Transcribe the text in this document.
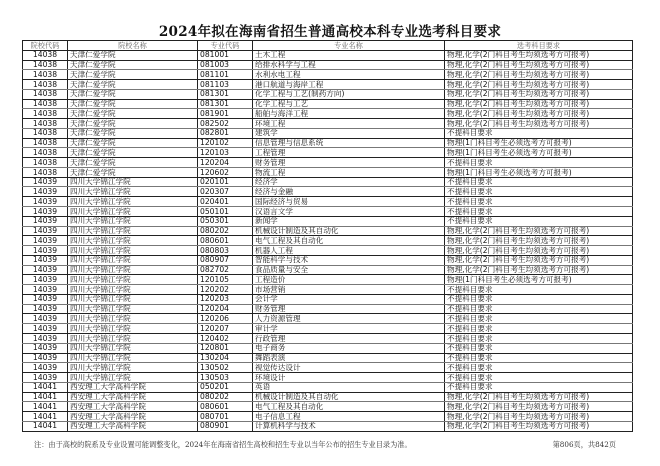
2024年拟在海南省招生普通高校本科专业选考科目要求
院校代码	院校名称	专业代码	专业名称	选考科目要求
14038	天津仁爱学院	081001	土木工程	物理,化学(2门科目考生均须选考方可报考)
14038	天津仁爱学院	081003	给排水科学与工程	物理,化学(2门科目考生均须选考方可报考)
14038	天津仁爱学院	081101	水利水电工程	物理,化学(2门科目考生均须选考方可报考)
14038	天津仁爱学院	081103	港口航道与海岸工程	物理,化学(2门科目考生均须选考方可报考)
14038	天津仁爱学院	081301	化学工程与工艺(制药方向)	物理,化学(2门科目考生均须选考方可报考)
14038	天津仁爱学院	081301	化学工程与工艺	物理,化学(2门科目考生均须选考方可报考)
14038	天津仁爱学院	081901	船舶与海洋工程	物理,化学(2门科目考生均须选考方可报考)
14038	天津仁爱学院	082502	环境工程	物理,化学(2门科目考生均须选考方可报考)
14038	天津仁爱学院	082801	建筑学	不提科目要求
14038	天津仁爱学院	120102	信息管理与信息系统	物理(1门科目考生必须选考方可报考)
14038	天津仁爱学院	120103	工程管理	物理(1门科目考生必须选考方可报考)
14038	天津仁爱学院	120204	财务管理	不提科目要求
14038	天津仁爱学院	120602	物流工程	物理(1门科目考生必须选考方可报考)
14039	四川大学锦江学院	020101	经济学	不提科目要求
14039	四川大学锦江学院	020307	经济与金融	不提科目要求
14039	四川大学锦江学院	020401	国际经济与贸易	不提科目要求
14039	四川大学锦江学院	050101	汉语言文学	不提科目要求
14039	四川大学锦江学院	050301	新闻学	不提科目要求
14039	四川大学锦江学院	080202	机械设计制造及其自动化	物理,化学(2门科目考生均须选考方可报考)
14039	四川大学锦江学院	080601	电气工程及其自动化	物理,化学(2门科目考生均须选考方可报考)
14039	四川大学锦江学院	080803	机器人工程	物理,化学(2门科目考生均须选考方可报考)
14039	四川大学锦江学院	080907	智能科学与技术	物理,化学(2门科目考生均须选考方可报考)
14039	四川大学锦江学院	082702	食品质量与安全	物理,化学(2门科目考生均须选考方可报考)
14039	四川大学锦江学院	120105	工程造价	物理(1门科目考生必须选考方可报考)
14039	四川大学锦江学院	120202	市场营销	不提科目要求
14039	四川大学锦江学院	120203	会计学	不提科目要求
14039	四川大学锦江学院	120204	财务管理	不提科目要求
14039	四川大学锦江学院	120206	人力资源管理	不提科目要求
14039	四川大学锦江学院	120207	审计学	不提科目要求
14039	四川大学锦江学院	120402	行政管理	不提科目要求
14039	四川大学锦江学院	120801	电子商务	不提科目要求
14039	四川大学锦江学院	130204	舞蹈表演	不提科目要求
14039	四川大学锦江学院	130502	视觉传达设计	不提科目要求
14039	四川大学锦江学院	130503	环境设计	不提科目要求
14041	西安理工大学高科学院	050201	英语	不提科目要求
14041	西安理工大学高科学院	080202	机械设计制造及其自动化	物理,化学(2门科目考生均须选考方可报考)
14041	西安理工大学高科学院	080601	电气工程及其自动化	物理,化学(2门科目考生均须选考方可报考)
14041	西安理工大学高科学院	080701	电子信息工程	物理,化学(2门科目考生均须选考方可报考)
14041	西安理工大学高科学院	080901	计算机科学与技术	物理,化学(2门科目考生均须选考方可报考)
注：由于高校的院系及专业设置可能调整变化，2024年在海南省招生高校和招生专业以当年公布的招生专业目录为准。	第806页，共842页
